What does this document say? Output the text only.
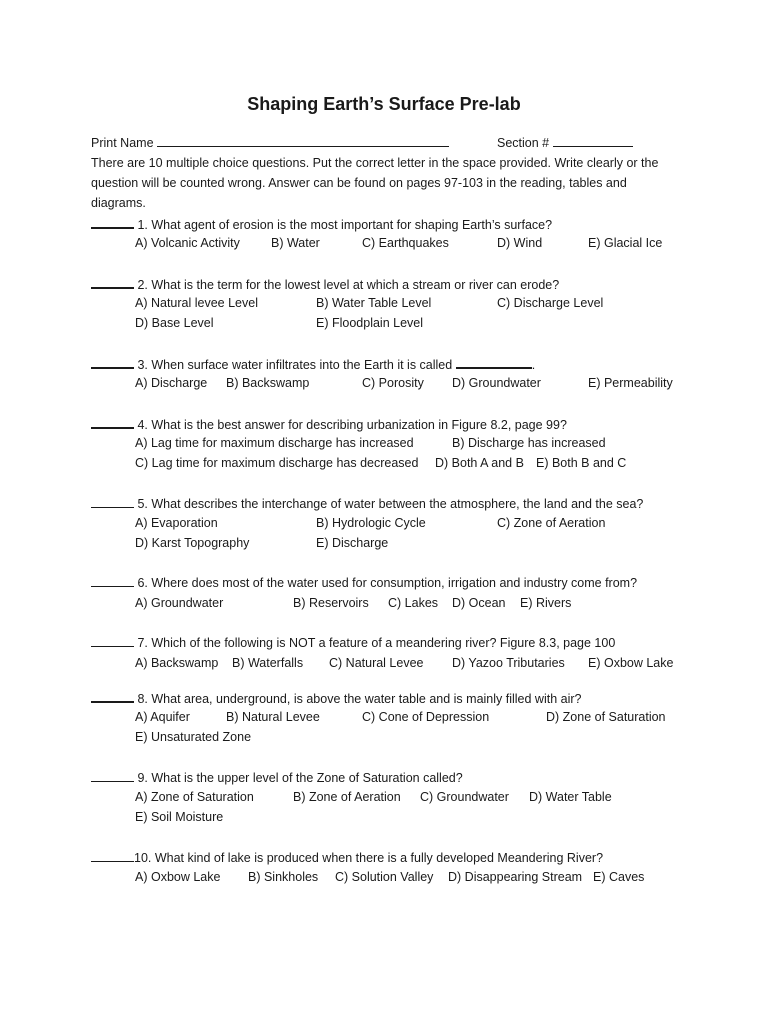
Shaping Earth’s Surface Pre-lab
Print Name	Section #
There are 10 multiple choice questions. Put the correct letter in the space provided. Write clearly or the
question will be counted wrong. Answer can be found on pages 97-103 in the reading, tables and
diagrams.
1. What agent of erosion is the most important for shaping Earth’s surface?
A) Volcanic Activity B) Water	C) Earthquakes	D) Wind	E) Glacial Ice
2. What is the term for the lowest level at which a stream or river can erode?
A) Natural levee Level	B) Water Table Level	C) Discharge Level
D) Base Level	E) Floodplain Level
3. When surface water infiltrates into the Earth it is called	.
A) Discharge B) Backswamp	C) Porosity D) Groundwater	E) Permeability
4. What is the best answer for describing urbanization in Figure 8.2, page 99?
A) Lag time for maximum discharge has increased	B) Discharge has increased
C) Lag time for maximum discharge has decreased D) Both A and B E) Both B and C
5. What describes the interchange of water between the atmosphere, the land and the sea?
A) Evaporation	B) Hydrologic Cycle	C) Zone of Aeration
D) Karst Topography	E) Discharge
6. Where does most of the water used for consumption, irrigation and industry come from?
A) Groundwater	B) Reservoirs C) Lakes D) Ocean E) Rivers
7. Which of the following is NOT a feature of a meandering river? Figure 8.3, page 100
A) Backswamp B) Waterfalls C) Natural Levee D) Yazoo Tributaries E) Oxbow Lake
8. What area, underground, is above the water table and is mainly filled with air?
A) Aquifer	B) Natural Levee	C) Cone of Depression	D) Zone of Saturation
E) Unsaturated Zone
9. What is the upper level of the Zone of Saturation called?
A) Zone of Saturation	B) Zone of Aeration C) Groundwater D) Water Table
E) Soil Moisture
10. What kind of lake is produced when there is a fully developed Meandering River?
A) Oxbow Lake B) Sinkholes C) Solution Valley D) Disappearing Stream E) Caves
